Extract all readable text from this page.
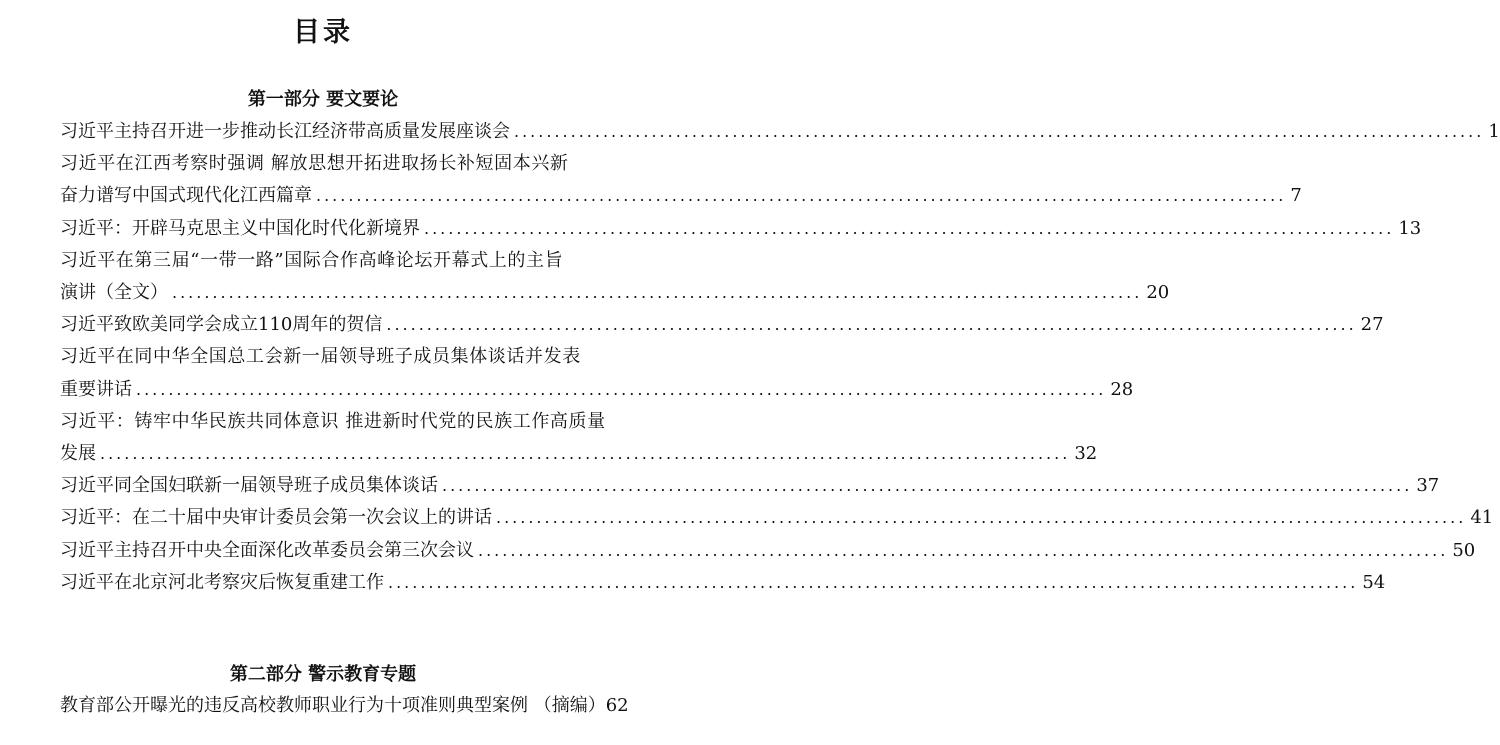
目录
第一部分 要文要论
习近平主持召开进一步推动长江经济带高质量发展座谈会 ........................................................................................................................ 1
习近平在江西考察时强调 解放思想开拓进取扬长补短固本兴新
奋力谱写中国式现代化江西篇章 ........................................................................................................................ 7
习近平：开辟马克思主义中国化时代化新境界 ........................................................................................................................ 13
习近平在第三届“一带一路”国际合作高峰论坛开幕式上的主旨
演讲（全文） ........................................................................................................................ 20
习近平致欧美同学会成立110周年的贺信 ........................................................................................................................ 27
习近平在同中华全国总工会新一届领导班子成员集体谈话并发表
重要讲话 ........................................................................................................................ 28
习近平：铸牢中华民族共同体意识 推进新时代党的民族工作高质量
发展 ........................................................................................................................ 32
习近平同全国妇联新一届领导班子成员集体谈话 ........................................................................................................................ 37
习近平：在二十届中央审计委员会第一次会议上的讲话 ........................................................................................................................ 41
习近平主持召开中央全面深化改革委员会第三次会议 ........................................................................................................................ 50
习近平在北京河北考察灾后恢复重建工作 ........................................................................................................................ 54
第二部分 警示教育专题
教育部公开曝光的违反高校教师职业行为十项准则典型案例 （摘编） 62
